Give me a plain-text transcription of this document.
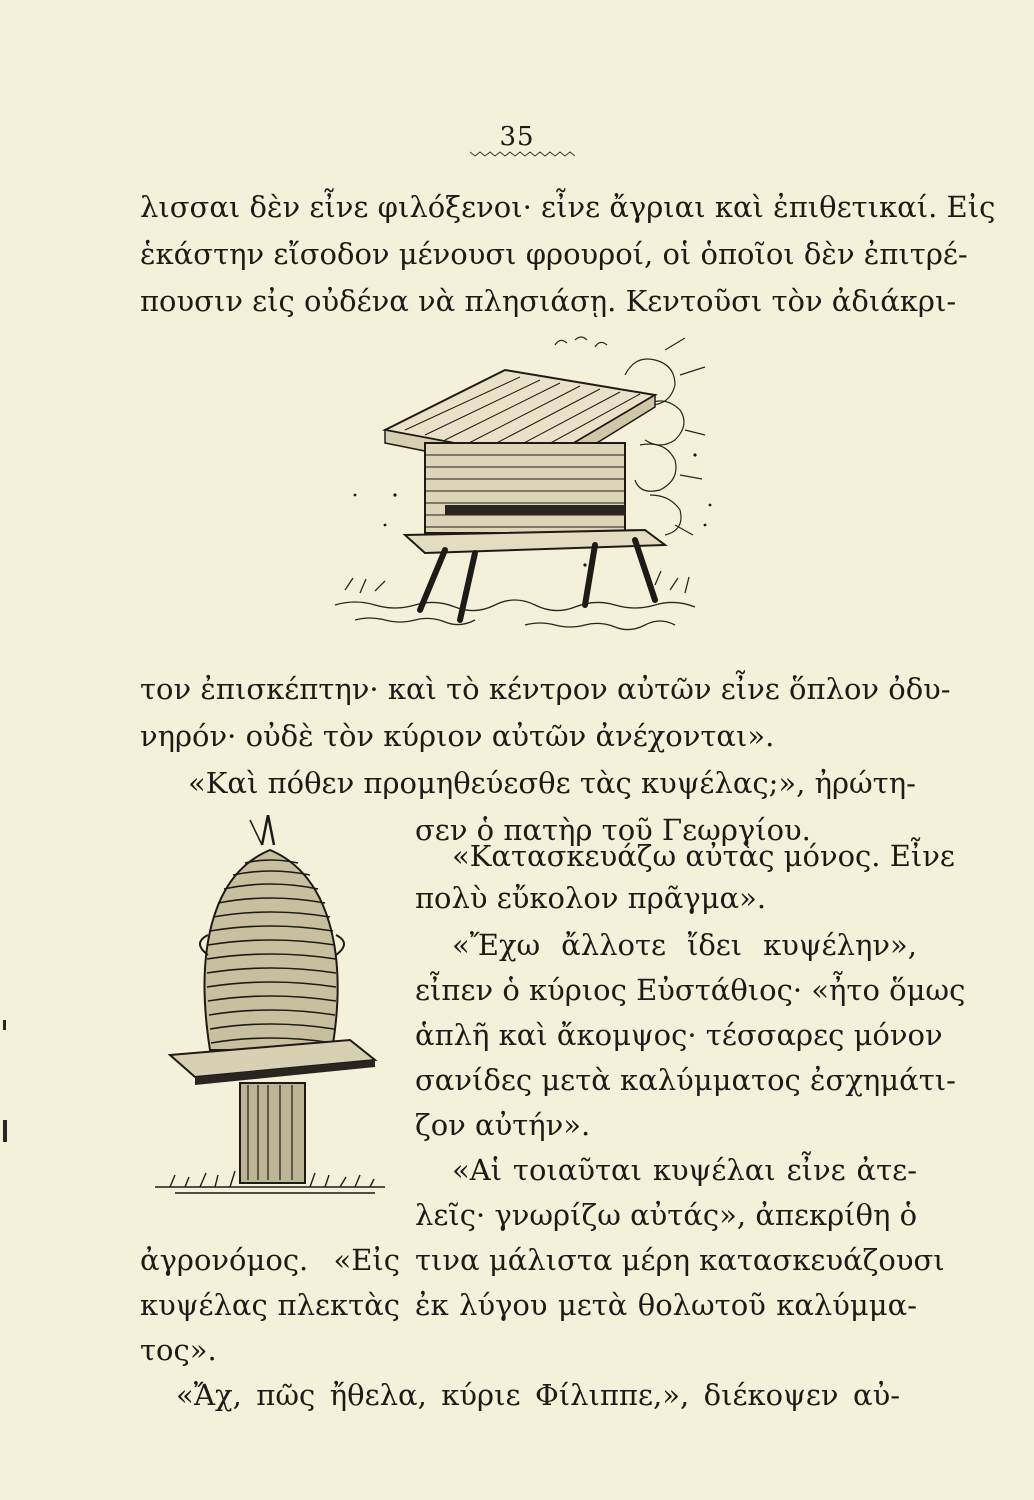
35
λισσαι δὲν εἶνε φιλόξενοι· εἶνε ἄγριαι καὶ ἐπιθετικαί. Εἰς
ἑκάστην εἴσοδον μένουσι φρουροί, οἱ ὁποῖοι δὲν ἐπιτρέ-
πουσιν εἰς οὐδένα νὰ πλησιάσῃ. Κεντοῦσι τὸν ἀδιάκρι-
τον ἐπισκέπτην· καὶ τὸ κέντρον αὐτῶν εἶνε ὅπλον ὀδυ-
νηρόν· οὐδὲ τὸν κύριον αὐτῶν ἀνέχονται».
«Καὶ πόθεν προμηθεύεσθε τὰς κυψέλας;», ἠρώτη-
σεν ὁ πατὴρ τοῦ Γεωργίου.
«Κατασκευάζω αὐτὰς μόνος. Εἶνε
πολὺ εὔκολον πρᾶγμα».
«Ἔχω ἄλλοτε ἴδει κυψέλην»,
εἶπεν ὁ κύριος Εὐστάθιος· «ἦτο ὅμως
ἁπλῆ καὶ ἄκομψος· τέσσαρες μόνον
σανίδες μετὰ καλύμματος ἐσχημάτι-
ζον αὐτήν».
«Αἱ τοιαῦται κυψέλαι εἶνε ἀτε-
λεῖς· γνωρίζω αὐτάς», ἀπεκρίθη ὁ
ἀγρονόμος. «Εἰς τινα μάλιστα μέρη κατασκευάζουσι
κυψέλας πλεκτὰς ἐκ λύγου μετὰ θολωτοῦ καλύμμα-
τος».
«Ἄχ, πῶς ἤθελα, κύριε Φίλιππε,», διέκοψεν αὐ-
